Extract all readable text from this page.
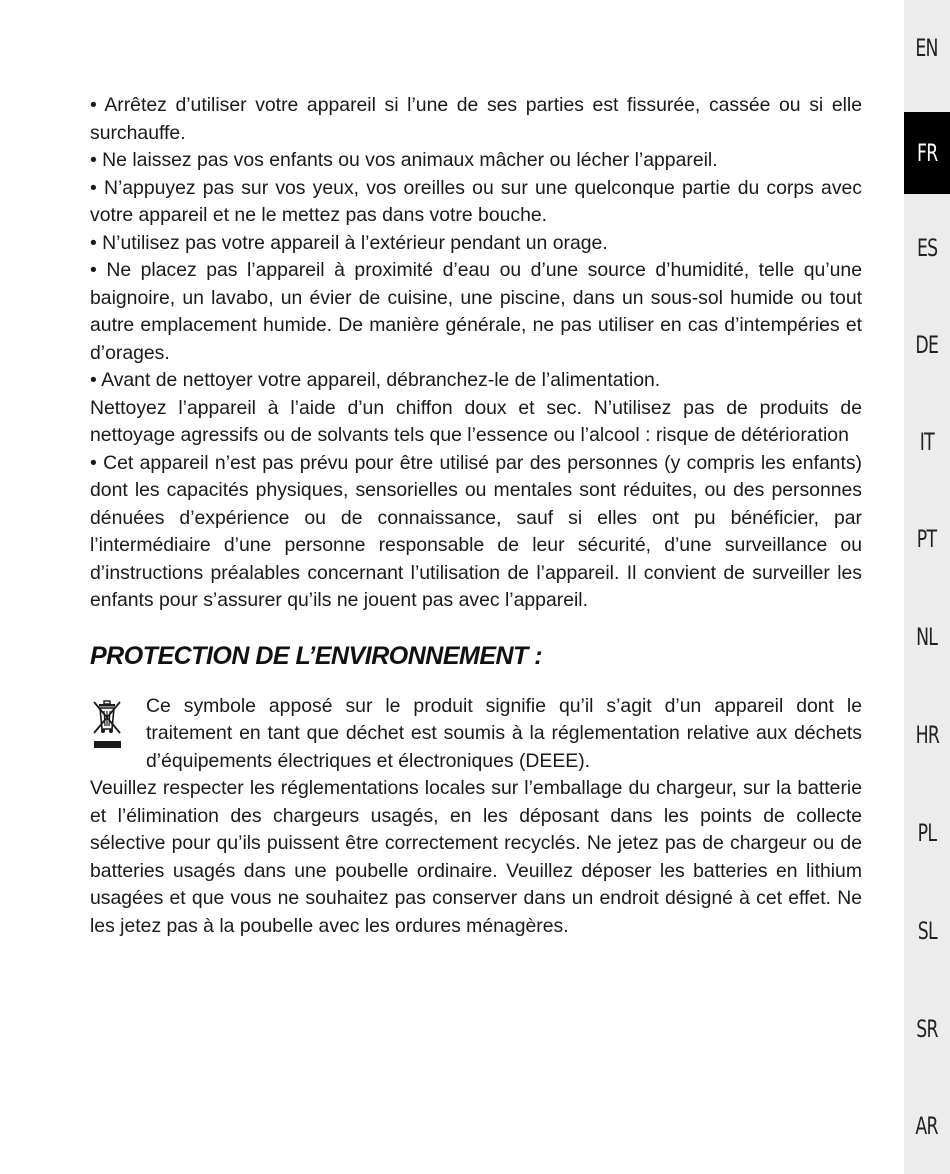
• Arrêtez d’utiliser votre appareil si l’une de ses parties est fissurée, cassée ou si elle surchauffe.

• Ne laissez pas vos enfants ou vos animaux mâcher ou lécher l’appareil.

• N’appuyez pas sur vos yeux, vos oreilles ou sur une quelconque partie du corps avec votre appareil et ne le mettez pas dans votre bouche.

• N’utilisez pas votre appareil à l’extérieur pendant un orage.

• Ne placez pas l’appareil à proximité d’eau ou d’une source d’humidité, telle qu’une baignoire, un lavabo, un évier de cuisine, une piscine, dans un sous-sol humide ou tout autre emplacement humide. De manière générale, ne pas utiliser en cas d’intempéries et d’orages.

• Avant de nettoyer votre appareil, débranchez-le de l’alimentation.

Nettoyez l’appareil à l’aide d’un chiffon doux et sec. N’utilisez pas de produits de nettoyage agressifs ou de solvants tels que l’essence ou l’alcool : risque de détérioration

• Cet appareil n’est pas prévu pour être utilisé par des personnes (y compris les enfants) dont les capacités physiques, sensorielles ou mentales sont réduites, ou des personnes dénuées d’expérience ou de connaissance, sauf si elles ont pu bénéficier, par l’intermédiaire d’une personne responsable de leur sécurité, d’une surveillance ou d’instructions préalables concernant l’utilisation de l’appareil. Il convient de surveiller les enfants pour s’assurer qu’ils ne jouent pas avec l’appareil.

PROTECTION DE L’ENVIRONNEMENT :

Ce symbole apposé sur le produit signifie qu’il s’agit d’un appareil dont le traitement en tant que déchet est soumis à la réglementation relative aux déchets d’équipements électriques et électroniques (DEEE).

Veuillez respecter les réglementations locales sur l’emballage du chargeur, sur la batterie et l’élimination des chargeurs usagés, en les déposant dans les points de collecte sélective pour qu’ils puissent être correctement recyclés. Ne jetez pas de chargeur ou de batteries usagés dans une poubelle ordinaire. Veuillez déposer les batteries en lithium usagées et que vous ne souhaitez pas conserver dans un endroit désigné à cet effet. Ne les jetez pas à la poubelle avec les ordures ménagères.

EN
FR
ES
DE
IT
PT
NL
HR
PL
SL
SR
AR
